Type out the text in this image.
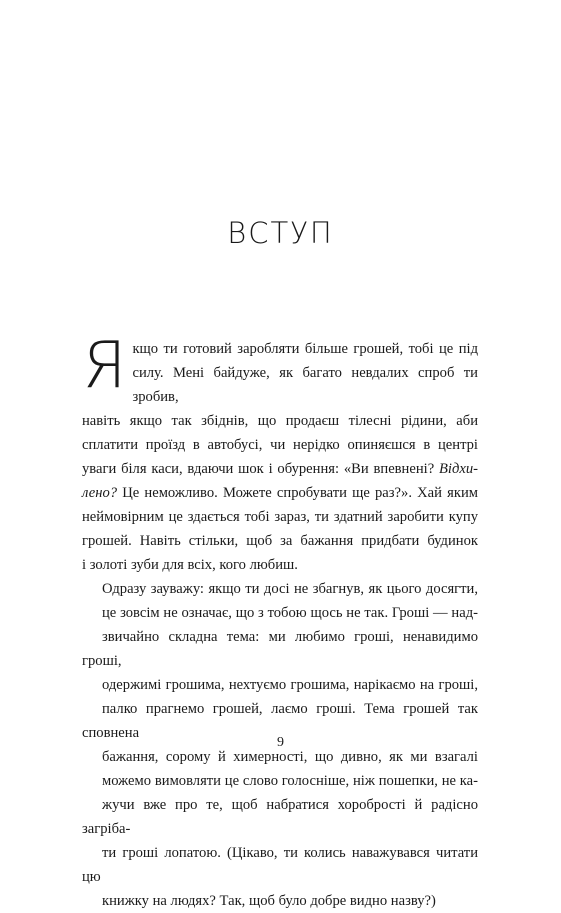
ВСТУП

Я кщо ти готовий заробляти більше грошей, тобі це під
силу. Мені байдуже, як багато невдалих спроб ти зробив,
навіть якщо так збіднів, що продаєш тілесні рідини, аби
сплатити проїзд в автобусі, чи нерідко опиняєшся в центрі
уваги біля каси, вдаючи шок і обурення: «Ви впевнені? Відхи-
лено? Це неможливо. Можете спробувати ще раз?». Хай яким
неймовірним це здається тобі зараз, ти здатний заробити купу
грошей. Навіть стільки, щоб за бажання придбати будинок
і золоті зуби для всіх, кого любиш.

Одразу зауважу: якщо ти досі не збагнув, як цього досягти,
це зовсім не означає, що з тобою щось не так. Гроші — над-
звичайно складна тема: ми любимо гроші, ненавидимо гроші,
одержимі грошима, нехтуємо грошима, нарікаємо на гроші,
палко прагнемо грошей, лаємо гроші. Тема грошей так сповнена
бажання, сорому й химерності, що дивно, як ми взагалі
можемо вимовляти це слово голосніше, ніж пошепки, не ка-
жучи вже про те, щоб набратися хоробрості й радісно загріба-
ти гроші лопатою. (Цікаво, ти колись наважувався читати цю
книжку на людях? Так, щоб було добре видно назву?)

9
